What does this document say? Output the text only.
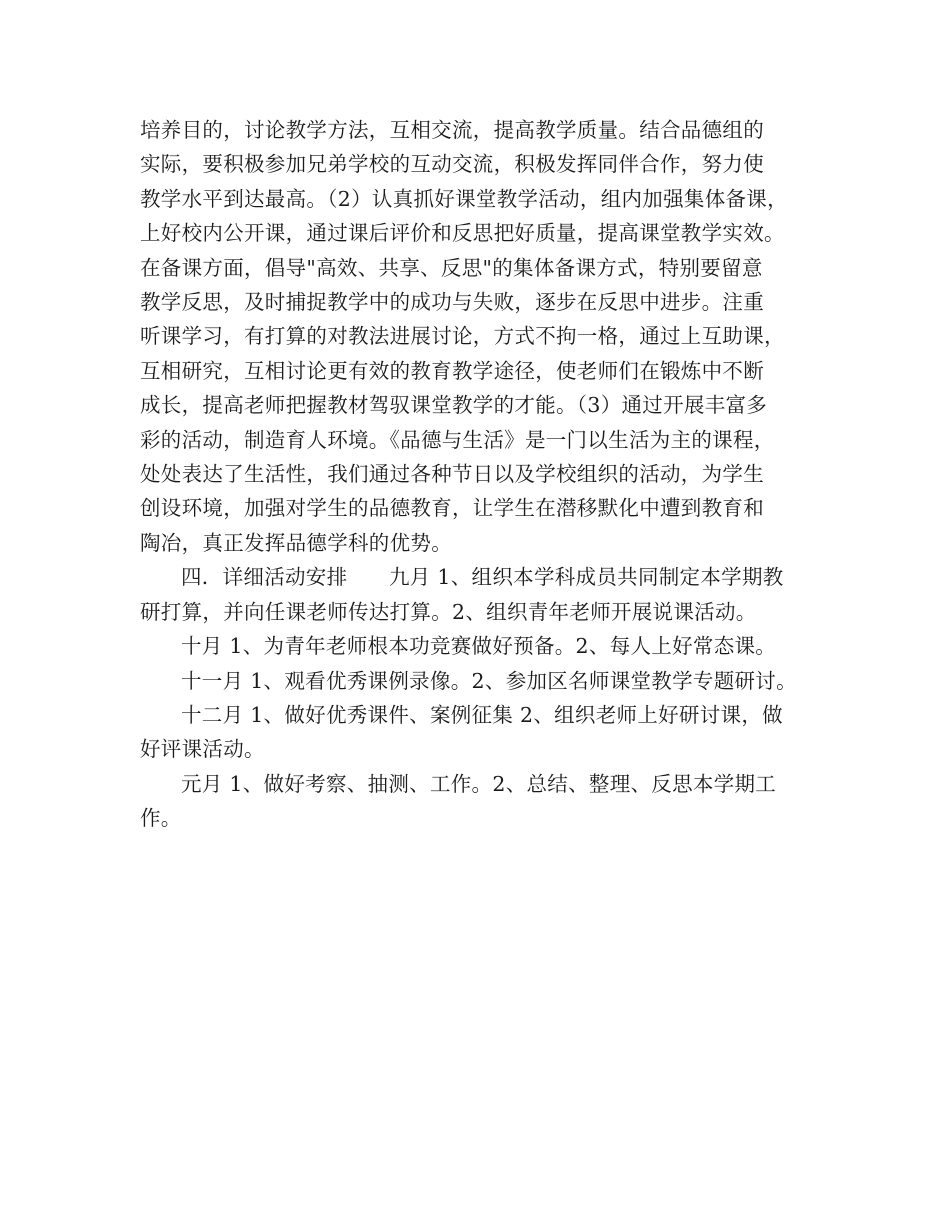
培养目的，讨论教学方法，互相交流，提高教学质量。结合品德组的
实际，要积极参加兄弟学校的互动交流，积极发挥同伴合作，努力使
教学水平到达最高。（2）认真抓好课堂教学活动，组内加强集体备课，
上好校内公开课，通过课后评价和反思把好质量，提高课堂教学实效。
在备课方面，倡导"高效、共享、反思"的集体备课方式，特别要留意
教学反思，及时捕捉教学中的成功与失败，逐步在反思中进步。注重
听课学习，有打算的对教法进展讨论，方式不拘一格，通过上互助课，
互相研究，互相讨论更有效的教育教学途径，使老师们在锻炼中不断
成长，提高老师把握教材驾驭课堂教学的才能。（3）通过开展丰富多
彩的活动，制造育人环境。《品德与生活》是一门以生活为主的课程，
处处表达了生活性，我们通过各种节日以及学校组织的活动，为学生
创设环境，加强对学生的品德教育，让学生在潜移默化中遭到教育和
陶冶，真正发挥品德学科的优势。
四．详细活动安排　　九月 1、组织本学科成员共同制定本学期教
研打算，并向任课老师传达打算。2、组织青年老师开展说课活动。
十月 1、为青年老师根本功竞赛做好预备。2、每人上好常态课。
十一月 1、观看优秀课例录像。2、参加区名师课堂教学专题研讨。
十二月 1、做好优秀课件、案例征集 2、组织老师上好研讨课，做
好评课活动。
元月 1、做好考察、抽测、工作。2、总结、整理、反思本学期工
作。
